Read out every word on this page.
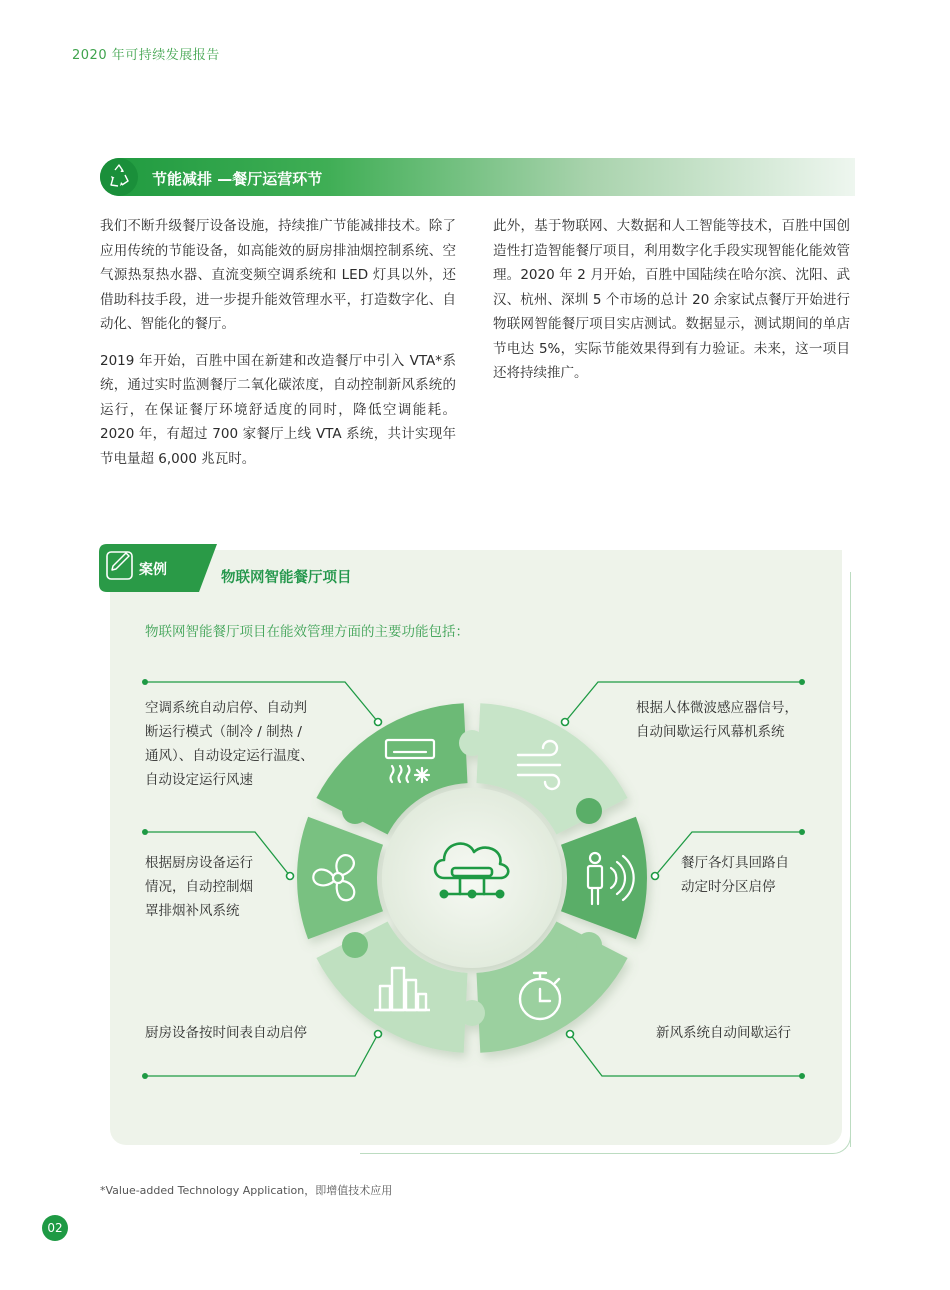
2020 年可持续发展报告
节能减排 —餐厅运营环节

我们不断升级餐厅设备设施，持续推广节能减排技术。除了应用传统的节能设备，如高能效的厨房排油烟控制系统、空气源热泵热水器、直流变频空调系统和 LED 灯具以外，还借助科技手段，进一步提升能效管理水平，打造数字化、自动化、智能化的餐厅。

2019 年开始，百胜中国在新建和改造餐厅中引入 VTA*系统，通过实时监测餐厅二氧化碳浓度，自动控制新风系统的运行，在保证餐厅环境舒适度的同时，降低空调能耗。2020 年，有超过 700 家餐厅上线 VTA 系统，共计实现年节电量超 6,000 兆瓦时。

此外，基于物联网、大数据和人工智能等技术，百胜中国创造性打造智能餐厅项目，利用数字化手段实现智能化能效管理。2020 年 2 月开始，百胜中国陆续在哈尔滨、沈阳、武汉、杭州、深圳 5 个市场的总计 20 余家试点餐厅开始进行物联网智能餐厅项目实店测试。数据显示，测试期间的单店节电达 5%，实际节能效果得到有力验证。未来，这一项目还将持续推广。

案例	物联网智能餐厅项目
物联网智能餐厅项目在能效管理方面的主要功能包括：
空调系统自动启停、自动判断运行模式（制冷 / 制热 / 通风）、自动设定运行温度、自动设定运行风速
根据厨房设备运行情况，自动控制烟罩排烟补风系统
厨房设备按时间表自动启停
根据人体微波感应器信号，自动间歇运行风幕机系统
餐厅各灯具回路自动定时分区启停
新风系统自动间歇运行
*Value-added Technology Application，即增值技术应用
02
